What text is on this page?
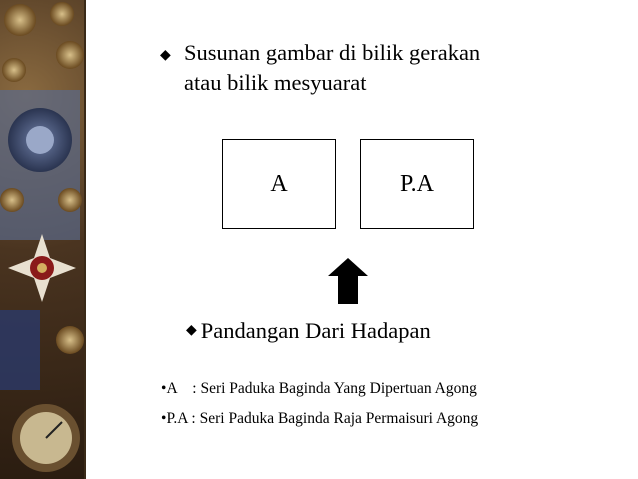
◆ Susunan gambar di bilik gerakan
atau bilik mesyuarat
A	P.A
◆ Pandangan Dari Hadapan
•A    : Seri Paduka Baginda Yang Dipertuan Agong
•P.A : Seri Paduka Baginda Raja Permaisuri Agong
